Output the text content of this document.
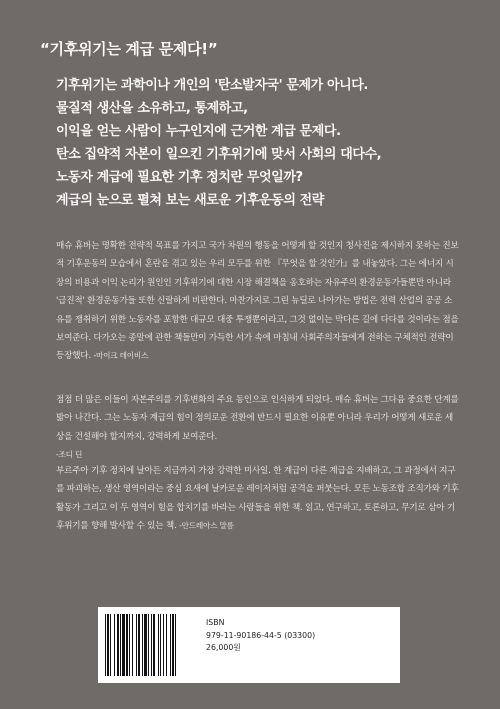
“기후위기는 계급 문제다!”
기후위기는 과학이나 개인의 '탄소발자국' 문제가 아니다.
물질적 생산을 소유하고, 통제하고,
이익을 얻는 사람이 누구인지에 근거한 계급 문제다.
탄소 집약적 자본이 일으킨 기후위기에 맞서 사회의 대다수,
노동자 계급에 필요한 기후 정치란 무엇일까?
계급의 눈으로 펼쳐 보는 새로운 기후운동의 전략
매슈 휴버는 명확한 전략적 목표를 가지고 국가 차원의 행동을 어떻게 할 것인지 청사진을 제시하지 못하는 진보적 기후운동의 모습에서 혼란을 겪고 있는 우리 모두를 위한 『무엇을 할 것인가』를 내놓았다. 그는 에너지 시장의 비용과 이익 논리가 원인인 기후위기에 대한 시장 해결책을 옹호하는 자유주의 환경운동가들뿐만 아니라 '급진적' 환경운동가들 또한 신랄하게 비판한다. 마찬가지로 그린 뉴딜로 나아가는 방법은 전력 산업의 공공 소유를 쟁취하기 위한 노동자를 포함한 대규모 대중 투쟁뿐이라고, 그것 없이는 막다른 길에 다다를 것이라는 점을 보여준다. 다가오는 종말에 관한 책들만이 가득한 서가 속에 마침내 사회주의자들에게 전하는 구체적인 전략이 등장했다. -마이크 데이비스
점점 더 많은 이들이 자본주의를 기후변화의 주요 동인으로 인식하게 되었다. 매슈 휴버는 그다음 중요한 단계를 밟아 나간다. 그는 노동자 계급의 힘이 정의로운 전환에 반드시 필요한 이유뿐 아니라 우리가 어떻게 새로운 세상을 건설해야 할지까지, 강력하게 보여준다.
-조디 딘
부르주아 기후 정치에 날아든 지금까지 가장 강력한 미사일. 한 계급이 다른 계급을 지배하고, 그 과정에서 지구를 파괴하는, 생산 영역이라는 중심 요새에 날카로운 레이저처럼 공격을 퍼붓는다. 모든 노동조합 조직가와 기후 활동가 그리고 이 두 영역이 힘을 합치기를 바라는 사람들을 위한 책. 읽고, 연구하고, 토론하고, 무기로 삼아 기후위기를 향해 발사할 수 있는 책. -안드레아스 말름
ISBN
979-11-90186-44-5 (03300)
26,000원
